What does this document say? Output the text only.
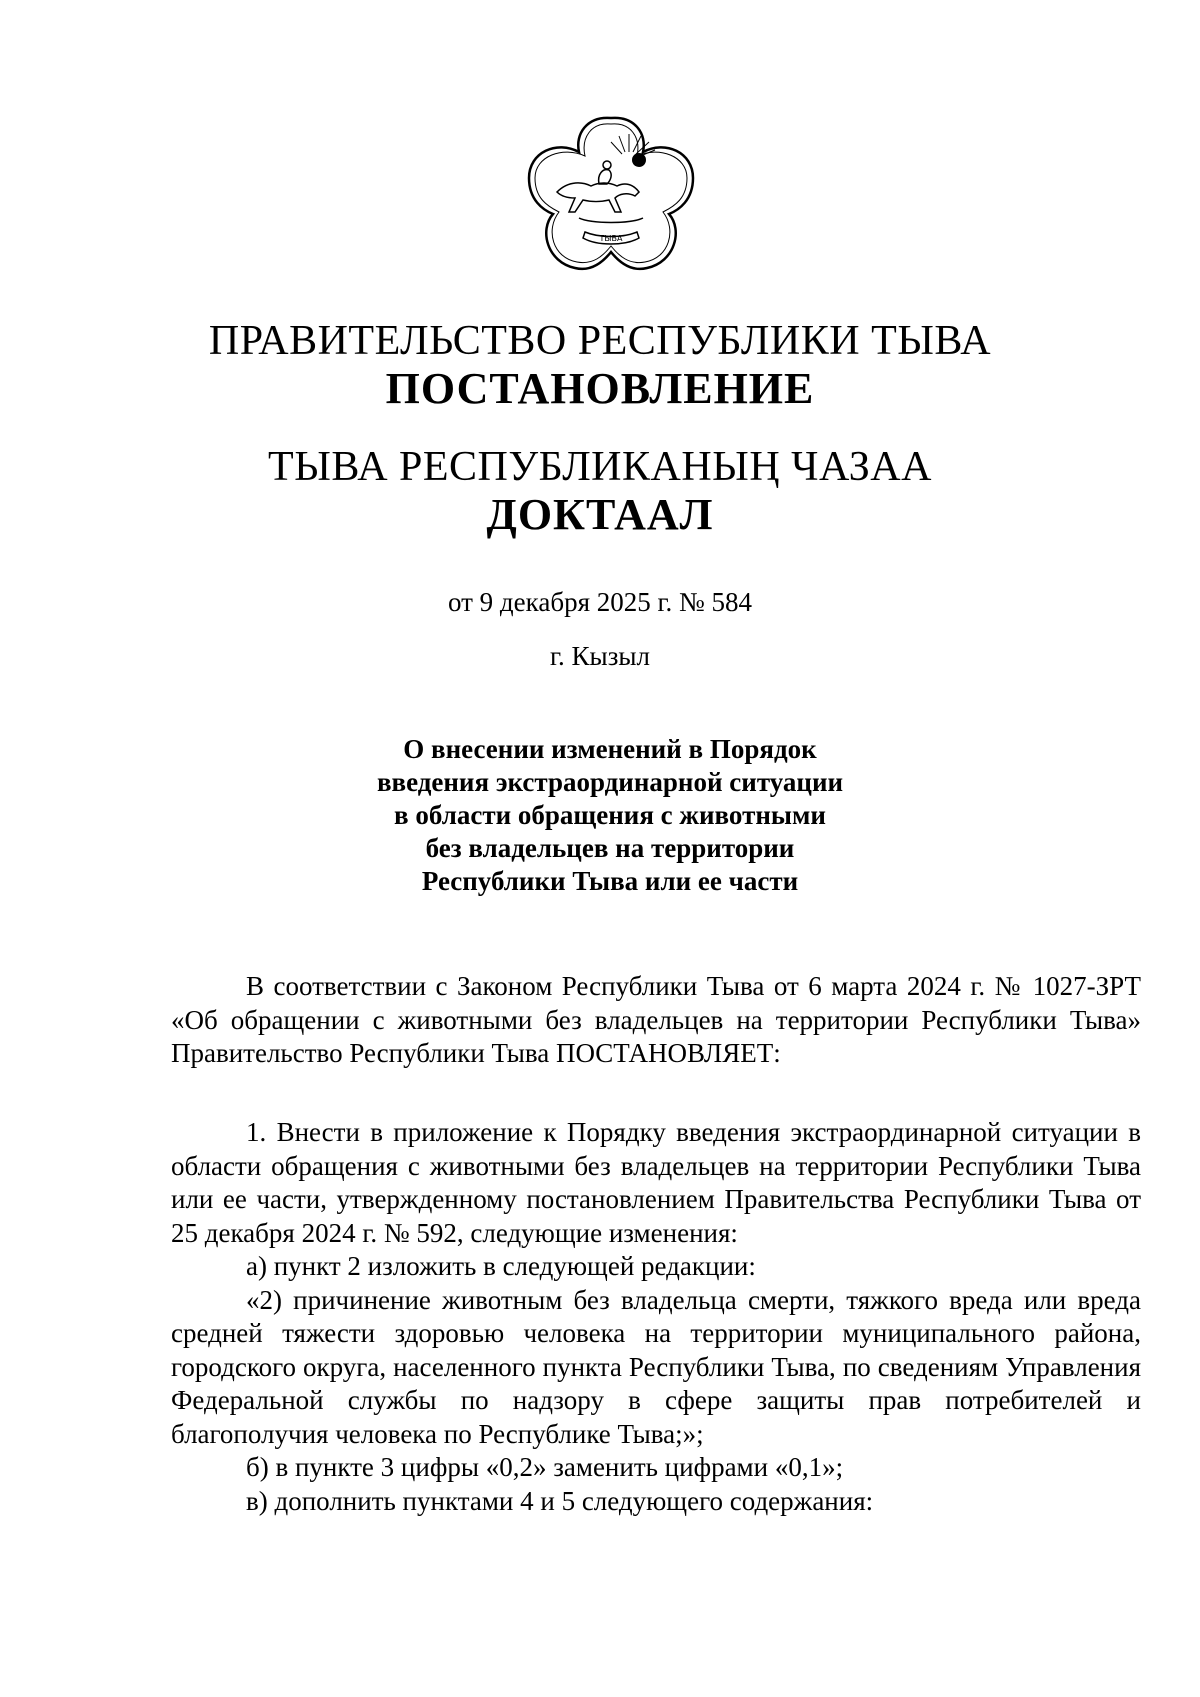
ТЫВА
ПРАВИТЕЛЬСТВО РЕСПУБЛИКИ ТЫВА
ПОСТАНОВЛЕНИЕ
ТЫВА РЕСПУБЛИКАНЫҢ ЧАЗАА
ДОКТААЛ
от 9 декабря 2025 г. № 584
г. Кызыл
О внесении изменений в Порядок
введения экстраординарной ситуации
в области обращения с животными
без владельцев на территории
Республики Тыва или ее части

В соответствии с Законом Республики Тыва от 6 марта 2024 г. № 1027-ЗРТ «Об обращении с животными без владельцев на территории Республики Тыва» Правительство Республики Тыва ПОСТАНОВЛЯЕТ:

1. Внести в приложение к Порядку введения экстраординарной ситуации в области обращения с животными без владельцев на территории Республики Тыва или ее части, утвержденному постановлением Правительства Республики Тыва от 25 декабря 2024 г. № 592, следующие изменения:

а) пункт 2 изложить в следующей редакции:

«2) причинение животным без владельца смерти, тяжкого вреда или вреда средней тяжести здоровью человека на территории муниципального района, городского округа, населенного пункта Республики Тыва, по сведениям Управления Федеральной службы по надзору в сфере защиты прав потребителей и благополучия человека по Республике Тыва;»;

б) в пункте 3 цифры «0,2» заменить цифрами «0,1»;

в) дополнить пунктами 4 и 5 следующего содержания:
